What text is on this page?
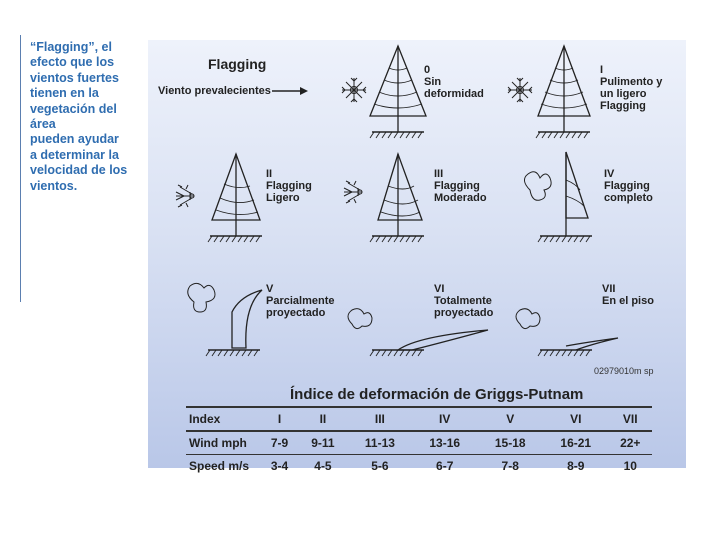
“Flagging”, el
efecto que los
vientos fuertes
tienen en la
vegetación del área
pueden ayudar
a determinar la
velocidad de los
vientos.
Flagging
Viento prevalecientes
0
Sin
deformidad
I
Pulimento y
un ligero
Flagging
II
Flagging
Ligero
III
Flagging
Moderado
IV
Flagging
completo
V
Parcialmente
proyectado
VI
Totalmente
proyectado
VII
En el piso
02979010m sp
Índice de deformación de Griggs-Putnam
Index	I	II	III	IV	V	VI	VII
Wind mph	7-9	9-11	11-13	13-16	15-18	16-21	22+
Speed m/s	3-4	4-5	5-6	6-7	7-8	8-9	10
